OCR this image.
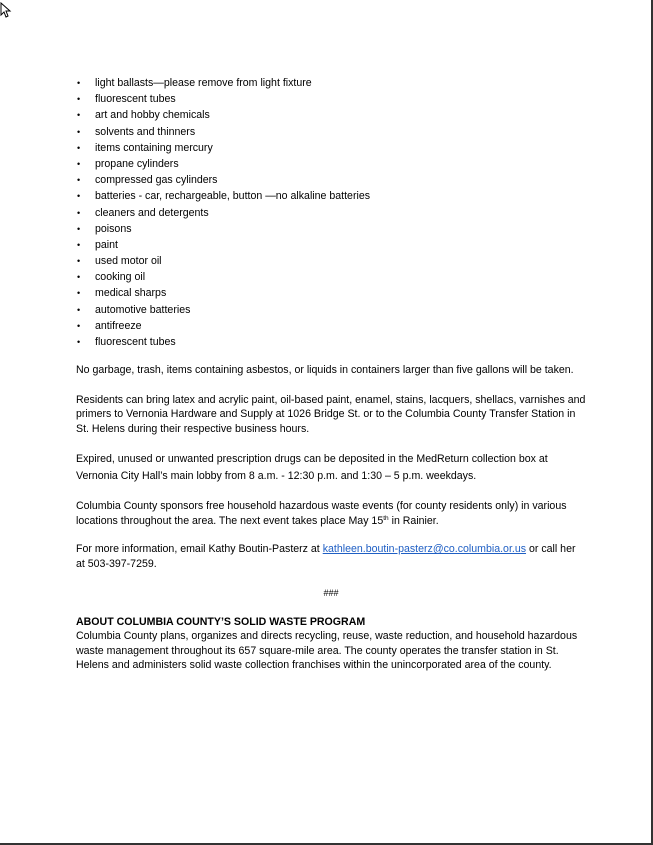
• light ballasts—please remove from light fixture
• fluorescent tubes
• art and hobby chemicals
• solvents and thinners
• items containing mercury
• propane cylinders
• compressed gas cylinders
• batteries - car, rechargeable, button —no alkaline batteries
• cleaners and detergents
• poisons
• paint
• used motor oil
• cooking oil
• medical sharps
• automotive batteries
• antifreeze
• fluorescent tubes

No garbage, trash, items containing asbestos, or liquids in containers larger than five gallons will be taken.

Residents can bring latex and acrylic paint, oil-based paint, enamel, stains, lacquers, shellacs, varnishes and primers to Vernonia Hardware and Supply at 1026 Bridge St. or to the Columbia County Transfer Station in St. Helens during their respective business hours.

Expired, unused or unwanted prescription drugs can be deposited in the MedReturn collection box at Vernonia City Hall’s main lobby from 8 a.m. - 12:30 p.m. and 1:30 – 5 p.m. weekdays.

Columbia County sponsors free household hazardous waste events (for county residents only) in various locations throughout the area. The next event takes place May 15th in Rainier.

For more information, email Kathy Boutin-Pasterz at kathleen.boutin-pasterz@co.columbia.or.us or call her at 503-397-7259.

###

ABOUT COLUMBIA COUNTY’S SOLID WASTE PROGRAM

Columbia County plans, organizes and directs recycling, reuse, waste reduction, and household hazardous waste management throughout its 657 square-mile area. The county operates the transfer station in St. Helens and administers solid waste collection franchises within the unincorporated area of the county.
